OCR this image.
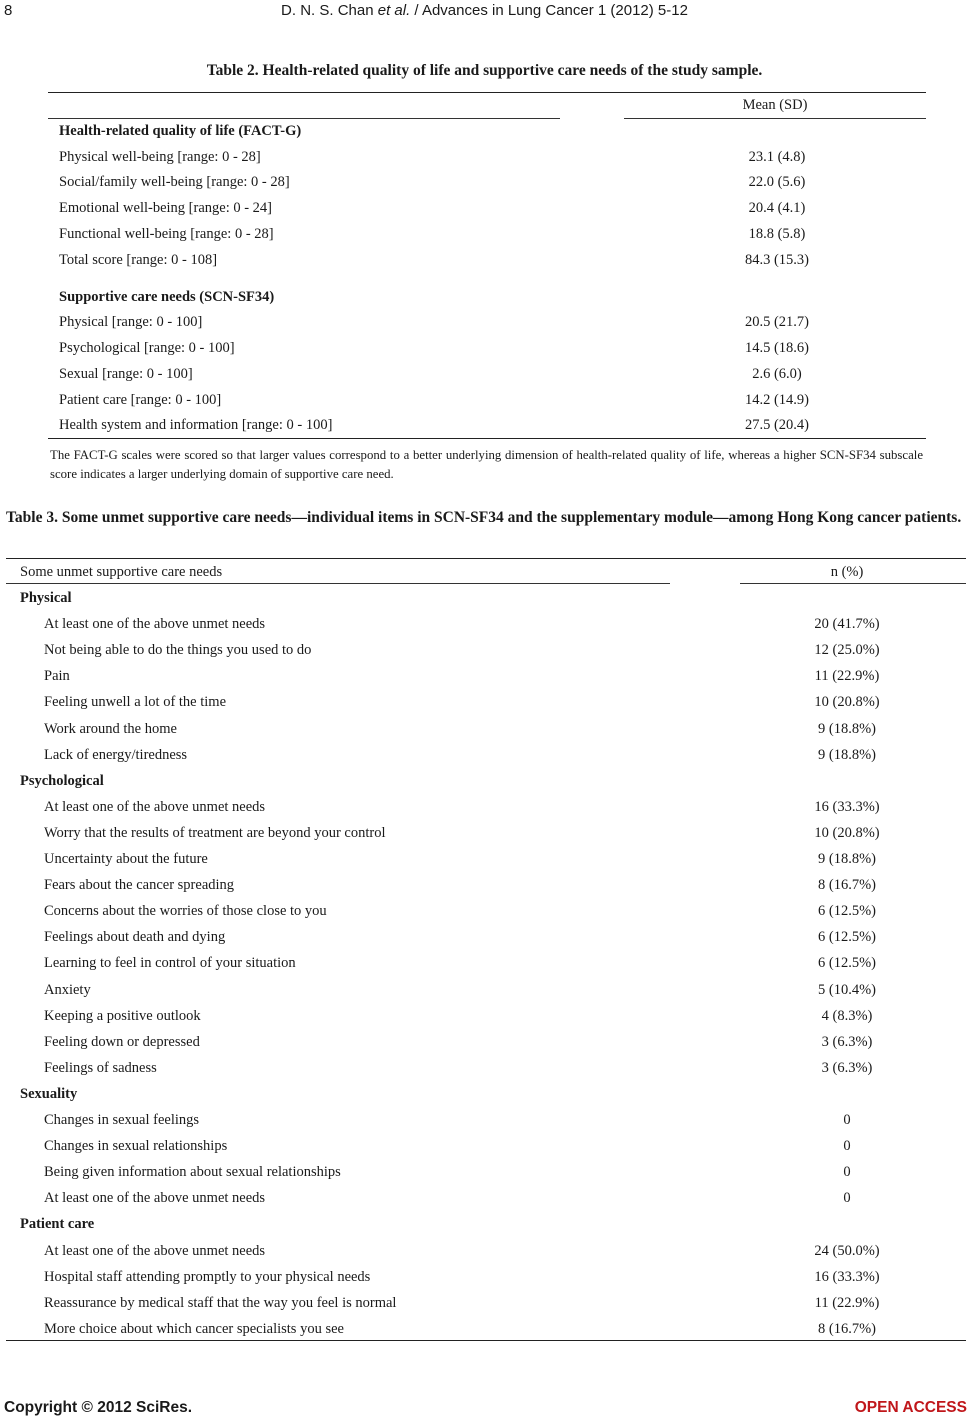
8	D. N. S. Chan et al. / Advances in Lung Cancer 1 (2012) 5-12
Table 2. Health-related quality of life and supportive care needs of the study sample.
Mean (SD)
Health-related quality of life (FACT-G)
Physical well-being [range: 0 - 28]	23.1 (4.8)
Social/family well-being [range: 0 - 28]	22.0 (5.6)
Emotional well-being [range: 0 - 24]	20.4 (4.1)
Functional well-being [range: 0 - 28]	18.8 (5.8)
Total score [range: 0 - 108]	84.3 (15.3)
Supportive care needs (SCN-SF34)
Physical [range: 0 - 100]	20.5 (21.7)
Psychological [range: 0 - 100]	14.5 (18.6)
Sexual [range: 0 - 100]	2.6 (6.0)
Patient care [range: 0 - 100]	14.2 (14.9)
Health system and information [range: 0 - 100]	27.5 (20.4)
The FACT-G scales were scored so that larger values correspond to a better underlying dimension of health-related quality of life, whereas a higher SCN-SF34 subscale score indicates a larger underlying domain of supportive care need.
Table 3. Some unmet supportive care needs—individual items in SCN-SF34 and the supplementary module—among Hong Kong cancer patients.
Some unmet supportive care needs	n (%)
Physical
At least one of the above unmet needs	20 (41.7%)
Not being able to do the things you used to do	12 (25.0%)
Pain	11 (22.9%)
Feeling unwell a lot of the time	10 (20.8%)
Work around the home	9 (18.8%)
Lack of energy/tiredness	9 (18.8%)
Psychological
At least one of the above unmet needs	16 (33.3%)
Worry that the results of treatment are beyond your control	10 (20.8%)
Uncertainty about the future	9 (18.8%)
Fears about the cancer spreading	8 (16.7%)
Concerns about the worries of those close to you	6 (12.5%)
Feelings about death and dying	6 (12.5%)
Learning to feel in control of your situation	6 (12.5%)
Anxiety	5 (10.4%)
Keeping a positive outlook	4 (8.3%)
Feeling down or depressed	3 (6.3%)
Feelings of sadness	3 (6.3%)
Sexuality
Changes in sexual feelings	0
Changes in sexual relationships	0
Being given information about sexual relationships	0
At least one of the above unmet needs	0
Patient care
At least one of the above unmet needs	24 (50.0%)
Hospital staff attending promptly to your physical needs	16 (33.3%)
Reassurance by medical staff that the way you feel is normal	11 (22.9%)
More choice about which cancer specialists you see	8 (16.7%)
Copyright © 2012 SciRes.	OPEN ACCESS
